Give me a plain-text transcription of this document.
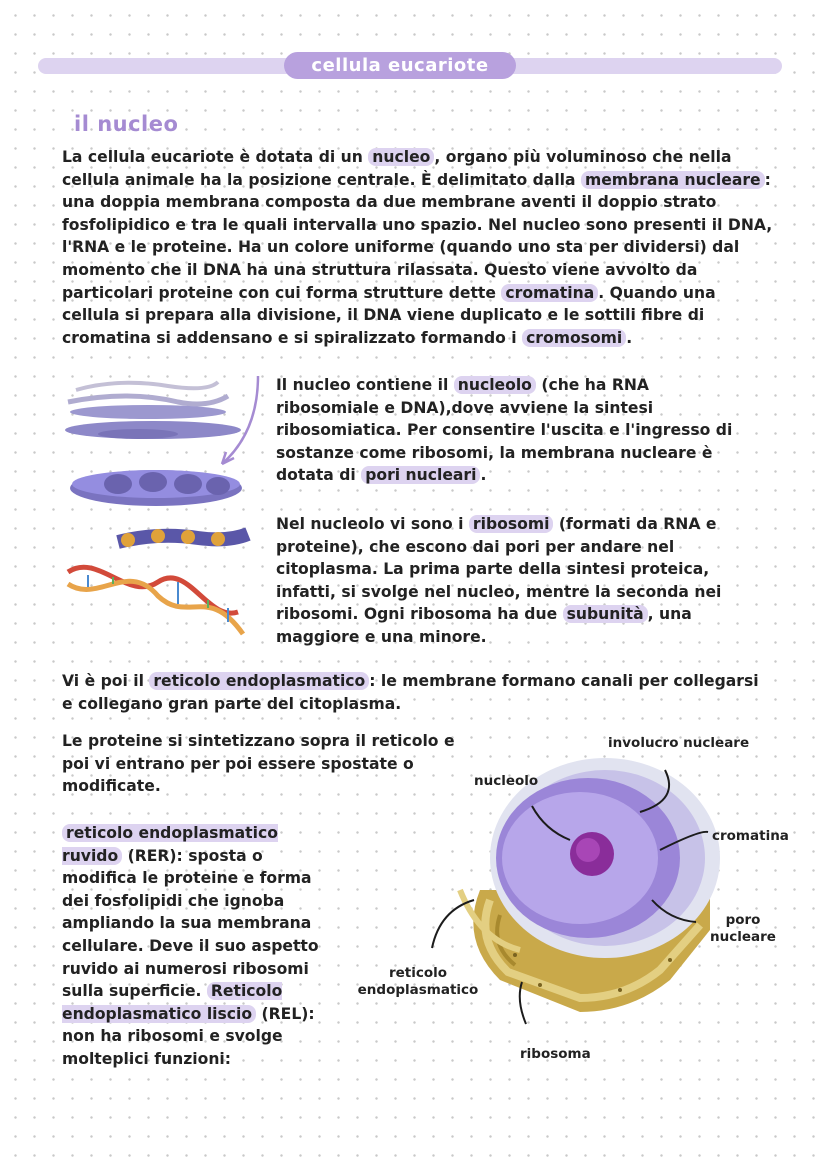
cellula eucariote
il nucleo
La cellula eucariote è dotata di un nucleo , organo più voluminoso che nella cellula animale ha la posizione centrale. È delimitato dalla membrana nucleare : una doppia membrana composta da due membrane aventi il doppio strato fosfolipidico e tra le quali intervalla uno spazio. Nel nucleo sono presenti il DNA, l'RNA e le proteine. Ha un colore uniforme (quando uno sta per dividersi) dal momento che il DNA ha una struttura rilassata. Questo viene avvolto da particolari proteine con cui forma strutture dette cromatina . Quando una cellula si prepara alla divisione, il DNA viene duplicato e le sottili fibre di cromatina si addensano e si spiralizzato formando i cromosomi .
Il nucleo contiene il nucleolo (che ha RNA ribosomiale e DNA),dove avviene la sintesi ribosomiatica. Per consentire l'uscita e l'ingresso di sostanze come ribosomi, la membrana nucleare è dotata di pori nucleari .
Nel nucleolo vi sono i ribosomi (formati da RNA e proteine), che escono dai pori per andare nel citoplasma. La prima parte della sintesi proteica, infatti, si svolge nel nucleo, mentre la seconda nei ribosomi. Ogni ribosoma ha due subunità , una maggiore e una minore.
Vi è poi il reticolo endoplasmatico : le membrane formano canali per collegarsi e collegano gran parte del citoplasma.
Le proteine si sintetizzano sopra il reticolo e poi vi entrano per poi essere spostate o modificate.
reticolo endoplasmatico ruvido (RER): sposta o modifica le proteine e forma dei fosfolipidi che ignoba ampliando la sua membrana cellulare. Deve il suo aspetto ruvido ai numerosi ribosomi sulla superficie. Reticolo endoplasmatico liscio (REL): non ha ribosomi e svolge molteplici funzioni:
involucro nucleare
nucleolo
cromatina
poro nucleare
reticolo endoplasmatico
ribosoma
